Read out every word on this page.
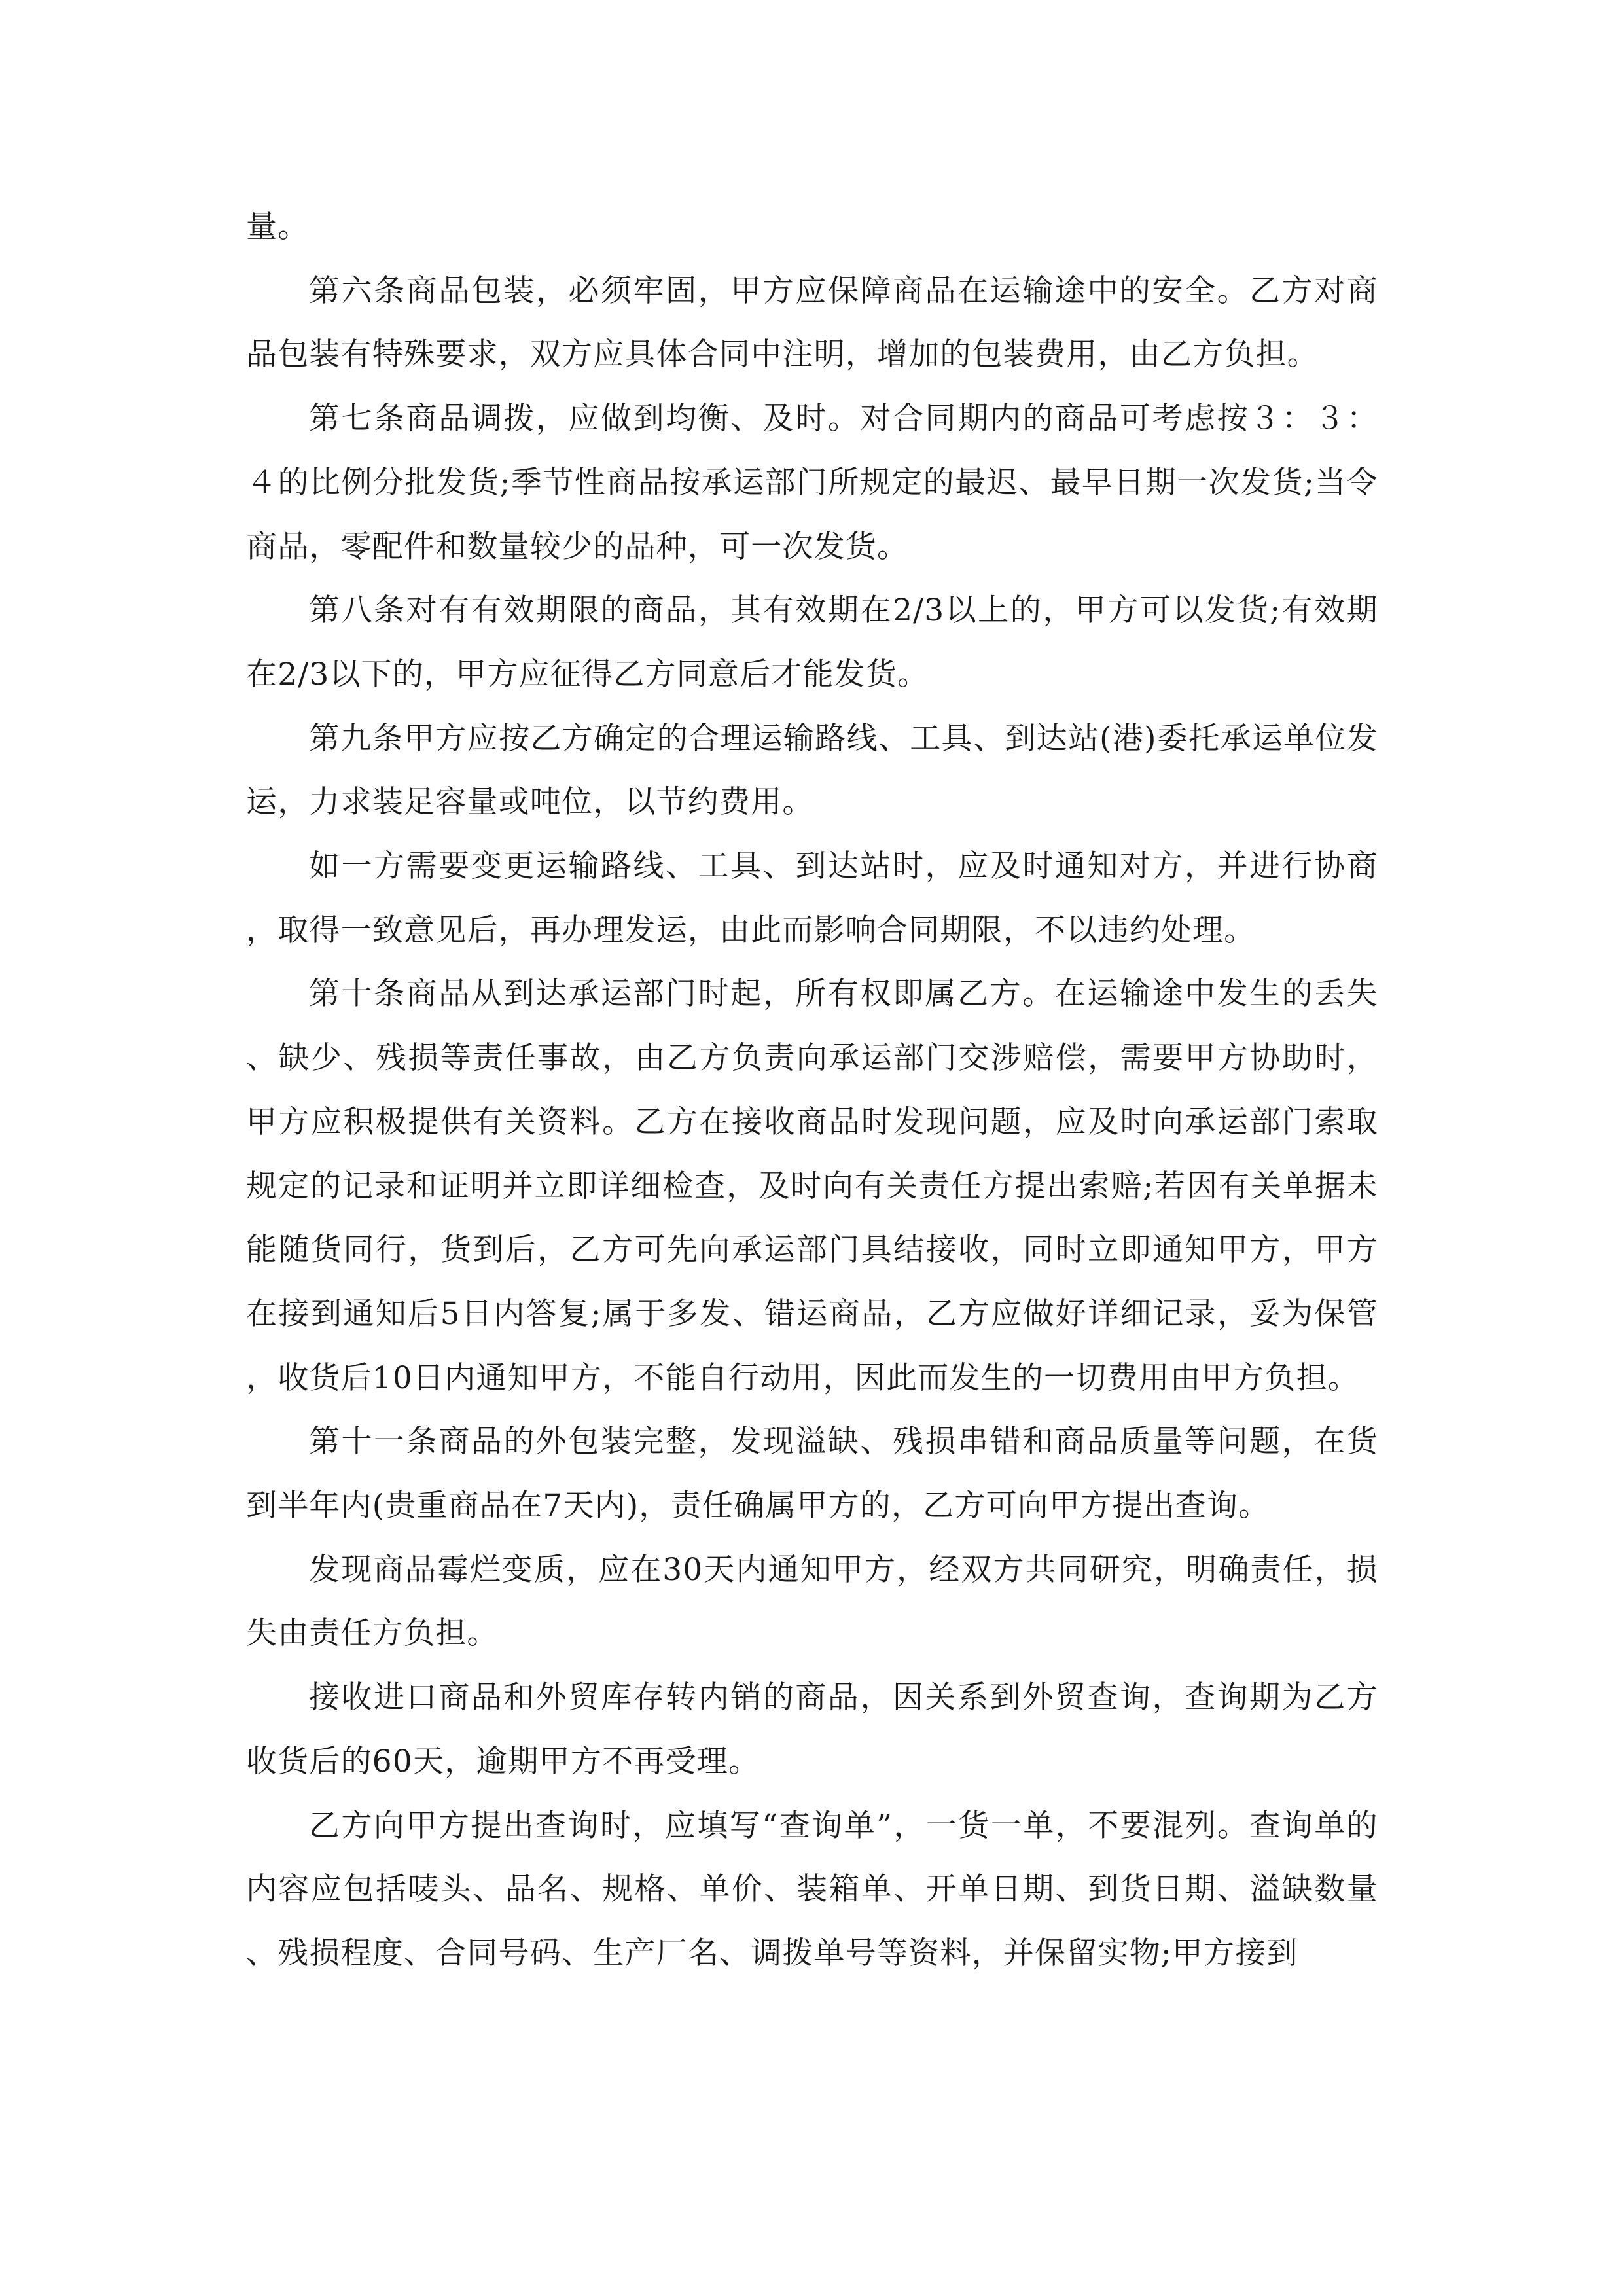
量。

第六条商品包装，必须牢固，甲方应保障商品在运输途中的安全。乙方对商品包装有特殊要求，双方应具体合同中注明，增加的包装费用，由乙方负担。

第七条商品调拨，应做到均衡、及时。对合同期内的商品可考虑按３：３：４的比例分批发货;季节性商品按承运部门所规定的最迟、最早日期一次发货;当令商品，零配件和数量较少的品种，可一次发货。

第八条对有有效期限的商品，其有效期在2/3以上的，甲方可以发货;有效期在2/3以下的，甲方应征得乙方同意后才能发货。

第九条甲方应按乙方确定的合理运输路线、工具、到达站(港)委托承运单位发运，力求装足容量或吨位，以节约费用。

如一方需要变更运输路线、工具、到达站时，应及时通知对方，并进行协商，取得一致意见后，再办理发运，由此而影响合同期限，不以违约处理。

第十条商品从到达承运部门时起，所有权即属乙方。在运输途中发生的丢失、缺少、残损等责任事故，由乙方负责向承运部门交涉赔偿，需要甲方协助时，甲方应积极提供有关资料。乙方在接收商品时发现问题，应及时向承运部门索取规定的记录和证明并立即详细检查，及时向有关责任方提出索赔;若因有关单据未能随货同行，货到后，乙方可先向承运部门具结接收，同时立即通知甲方，甲方在接到通知后5日内答复;属于多发、错运商品，乙方应做好详细记录，妥为保管，收货后10日内通知甲方，不能自行动用，因此而发生的一切费用由甲方负担。

第十一条商品的外包装完整，发现溢缺、残损串错和商品质量等问题，在货到半年内(贵重商品在7天内)，责任确属甲方的，乙方可向甲方提出查询。

发现商品霉烂变质，应在30天内通知甲方，经双方共同研究，明确责任，损失由责任方负担。

接收进口商品和外贸库存转内销的商品，因关系到外贸查询，查询期为乙方收货后的60天，逾期甲方不再受理。

乙方向甲方提出查询时，应填写“查询单”，一货一单，不要混列。查询单的内容应包括唛头、品名、规格、单价、装箱单、开单日期、到货日期、溢缺数量、残损程度、合同号码、生产厂名、调拨单号等资料，并保留实物;甲方接到
